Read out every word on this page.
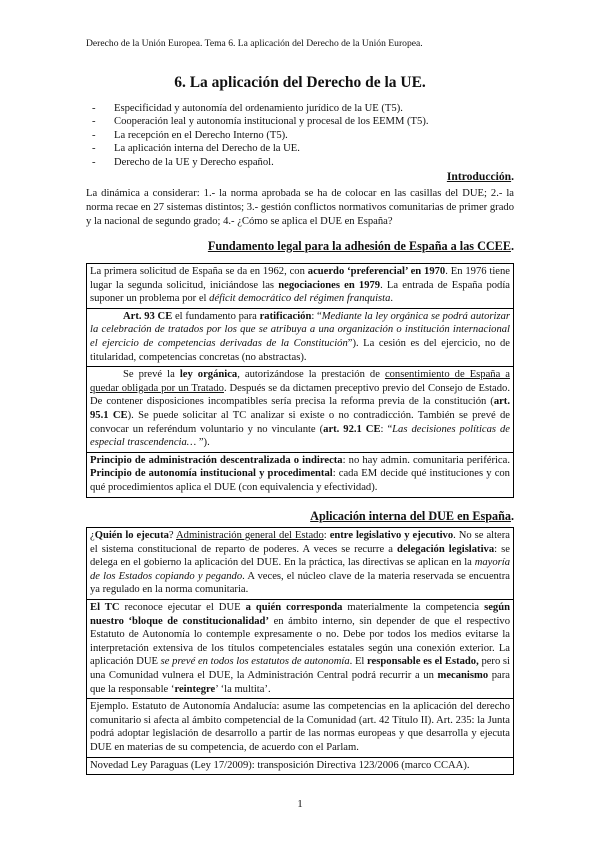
Derecho de la Unión Europea. Tema 6. La aplicación del Derecho de la Unión Europea.
6. La aplicación del Derecho de la UE.
- Especificidad y autonomía del ordenamiento jurídico de la UE (T5).
- Cooperación leal y autonomía institucional y procesal de los EEMM (T5).
- La recepción en el Derecho Interno (T5).
- La aplicación interna del Derecho de la UE.
- Derecho de la UE y Derecho español.
Introducción.
La dinámica a considerar: 1.- la norma aprobada se ha de colocar en las casillas del DUE; 2.- la norma recae en 27 sistemas distintos; 3.- gestión conflictos normativos comunitarias de primer grado y la nacional de segundo grado; 4.- ¿Cómo se aplica el DUE en España?
Fundamento legal para la adhesión de España a las CCEE.
La primera solicitud de España se da en 1962, con acuerdo ‘preferencial’ en 1970. En 1976 tiene lugar la segunda solicitud, iniciándose las negociaciones en 1979. La entrada de España podía suponer un problema por el déficit democrático del régimen franquista.
Art. 93 CE el fundamento para ratificación: “Mediante la ley orgánica se podrá autorizar la celebración de tratados por los que se atribuya a una organización o institución internacional el ejercicio de competencias derivadas de la Constitución”). La cesión es del ejercicio, no de titularidad, competencias concretas (no abstractas).
Se prevé la ley orgánica, autorizándose la prestación de consentimiento de España a quedar obligada por un Tratado. Después se da dictamen preceptivo previo del Consejo de Estado. De contener disposiciones incompatibles sería precisa la reforma previa de la constitución (art. 95.1 CE). Se puede solicitar al TC analizar si existe o no contradicción. También se prevé de convocar un referéndum voluntario y no vinculante (art. 92.1 CE: “Las decisiones políticas de especial trascendencia… ”).
Principio de administración descentralizada o indirecta: no hay admin. comunitaria periférica. Principio de autonomía institucional y procedimental: cada EM decide qué instituciones y con qué procedimientos aplica el DUE (con equivalencia y efectividad).
Aplicación interna del DUE en España.
¿Quién lo ejecuta? Administración general del Estado: entre legislativo y ejecutivo. No se altera el sistema constitucional de reparto de poderes. A veces se recurre a delegación legislativa: se delega en el gobierno la aplicación del DUE. En la práctica, las directivas se aplican en la mayoría de los Estados copiando y pegando. A veces, el núcleo clave de la materia reservada se encuentra ya regulado en la norma comunitaria.
El TC reconoce ejecutar el DUE a quién corresponda materialmente la competencia según nuestro ‘bloque de constitucionalidad’ en ámbito interno, sin depender de que el respectivo Estatuto de Autonomía lo contemple expresamente o no. Debe por todos los medios evitarse la interpretación extensiva de los títulos competenciales estatales según una conexión exterior. La aplicación DUE se prevé en todos los estatutos de autonomía. El responsable es el Estado, pero si una Comunidad vulnera el DUE, la Administración Central podrá recurrir a un mecanismo para que la responsable ‘reintegre’ ‘la multita’.
Ejemplo. Estatuto de Autonomía Andalucía: asume las competencias en la aplicación del derecho comunitario si afecta al ámbito competencial de la Comunidad (art. 42 Título II). Art. 235: la Junta podrá adoptar legislación de desarrollo a partir de las normas europeas y que desarrolla y ejecuta DUE en materias de su competencia, de acuerdo con el Parlam.
Novedad Ley Paraguas (Ley 17/2009): transposición Directiva 123/2006 (marco CCAA).
1
